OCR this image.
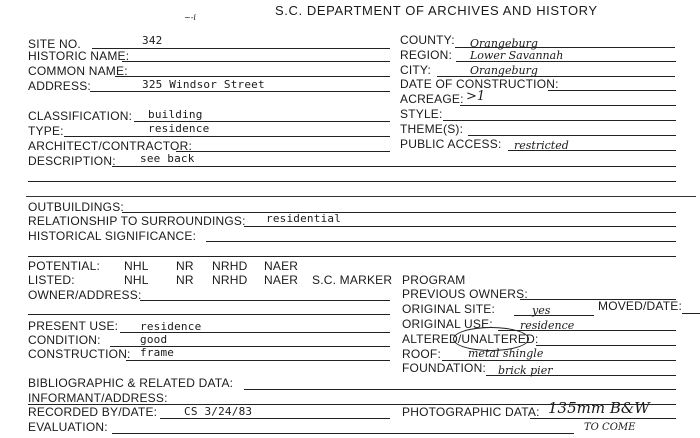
~-i	S.C. DEPARTMENT OF ARCHIVES AND HISTORY
SITE NO.	342	COUNTY: Orangeburg
HISTORIC NAME:	REGION: Lower Savannah
COMMON NAME:	CITY:	Orangeburg
ADDRESS:	325 Windsor Street	DATE OF CONSTRUCTION:
ACREAGE: >1
CLASSIFICATION: building	STYLE:
TYPE:	residence	THEME(S):
ARCHITECT/CONTRACTOR:	PUBLIC ACCESS: restricted
DESCRIPTION: see back
OUTBUILDINGS:
RELATIONSHIP TO SURROUNDINGS: residential
HISTORICAL SIGNIFICANCE:
POTENTIAL: NHL NR NRHD NAER
LISTED:	NHL NR NRHD NAER S.C. MARKER PROGRAM
OWNER/ADDRESS:	PREVIOUS OWNERS:
ORIGINAL SITE:	yes	MOVED/DATE:
PRESENT USE: residence	ORIGINAL USE: residence
CONDITION:	good	ALTERED/UNALTERED:
CONSTRUCTION: frame	ROOF: metal shingle
FOUNDATION: brick pier
BIBLIOGRAPHIC & RELATED DATA:
INFORMANT/ADDRESS:
RECORDED BY/DATE: CS 3/24/83	PHOTOGRAPHIC DATA: 135mm B&W
TO COME
EVALUATION:
